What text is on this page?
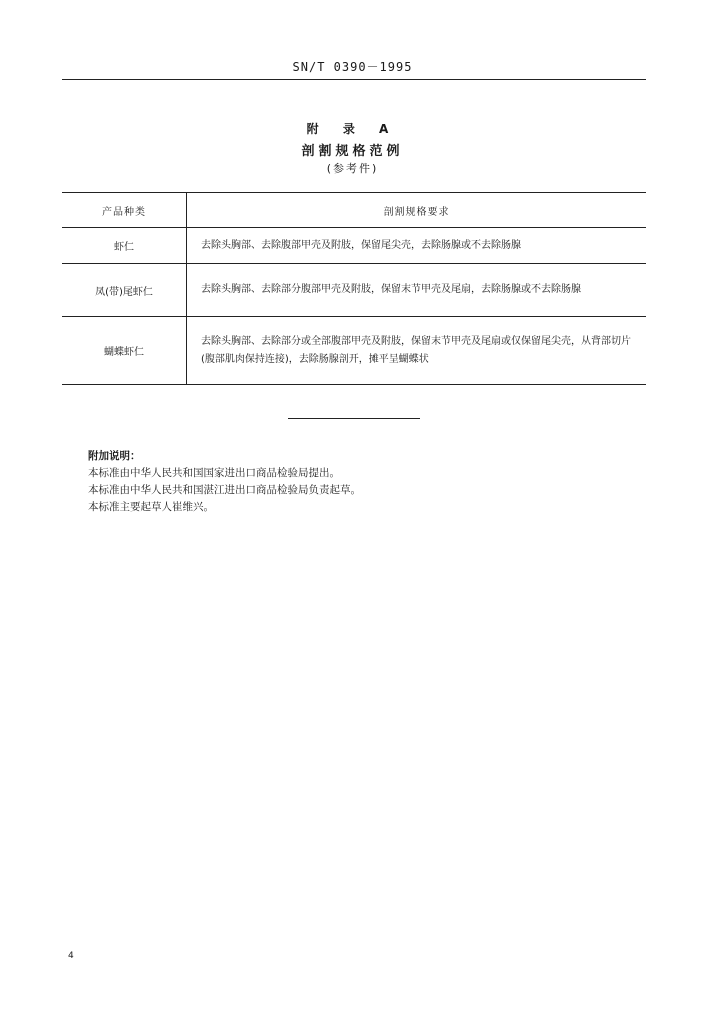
SN/T 0390－1995
附 录 A
剖割规格范例
(参考件)
产品种类	剖割规格要求
虾仁	去除头胸部、去除腹部甲壳及附肢，保留尾尖壳，去除肠腺或不去除肠腺
凤(带)尾虾仁	去除头胸部、去除部分腹部甲壳及附肢，保留末节甲壳及尾扇，去除肠腺或不去除肠腺
蝴蝶虾仁	去除头胸部、去除部分或全部腹部甲壳及附肢，保留末节甲壳及尾扇或仅保留尾尖壳，从背部切片(腹部肌肉保持连接)，去除肠腺剖开，摊平呈蝴蝶状
附加说明：
本标准由中华人民共和国国家进出口商品检验局提出。
本标准由中华人民共和国湛江进出口商品检验局负责起草。
本标准主要起草人崔维兴。
4
